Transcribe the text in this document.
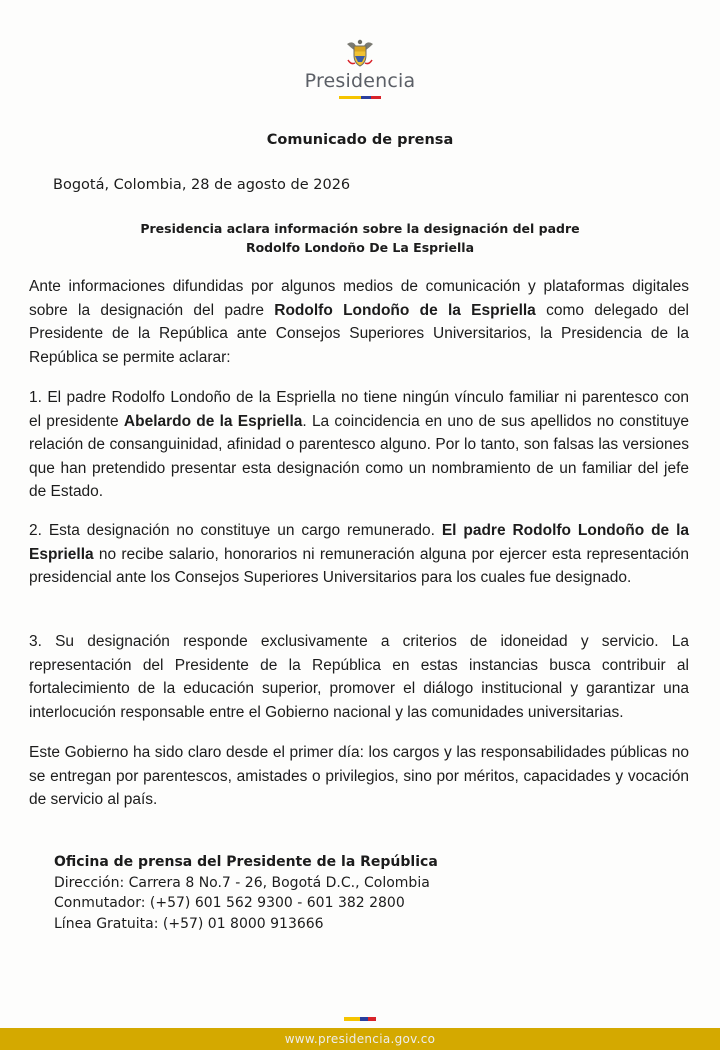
Presidencia
Comunicado de prensa
Bogotá, Colombia, 28 de agosto de 2026
Presidencia aclara información sobre la designación del padre
Rodolfo Londoño De La Espriella

Ante informaciones difundidas por algunos medios de comunicación y plataformas digitales sobre la designación del padre Rodolfo Londoño de la Espriella como delegado del Presidente de la República ante Consejos Superiores Universitarios, la Presidencia de la República se permite aclarar:

1. El padre Rodolfo Londoño de la Espriella no tiene ningún vínculo familiar ni parentesco con el presidente Abelardo de la Espriella. La coincidencia en uno de sus apellidos no constituye relación de consanguinidad, afinidad o parentesco alguno. Por lo tanto, son falsas las versiones que han pretendido presentar esta designación como un nombramiento de un familiar del jefe de Estado.

2. Esta designación no constituye un cargo remunerado. El padre Rodolfo Londoño de la Espriella no recibe salario, honorarios ni remuneración alguna por ejercer esta representación presidencial ante los Consejos Superiores Universitarios para los cuales fue designado.

3. Su designación responde exclusivamente a criterios de idoneidad y servicio. La representación del Presidente de la República en estas instancias busca contribuir al fortalecimiento de la educación superior, promover el diálogo institucional y garantizar una interlocución responsable entre el Gobierno nacional y las comunidades universitarias.

Este Gobierno ha sido claro desde el primer día: los cargos y las responsabilidades públicas no se entregan por parentescos, amistades o privilegios, sino por méritos, capacidades y vocación de servicio al país.

Oficina de prensa del Presidente de la República
Dirección: Carrera 8 No.7 - 26, Bogotá D.C., Colombia
Conmutador: (+57) 601 562 9300 - 601 382 2800
Línea Gratuita: (+57) 01 8000 913666
www.presidencia.gov.co
